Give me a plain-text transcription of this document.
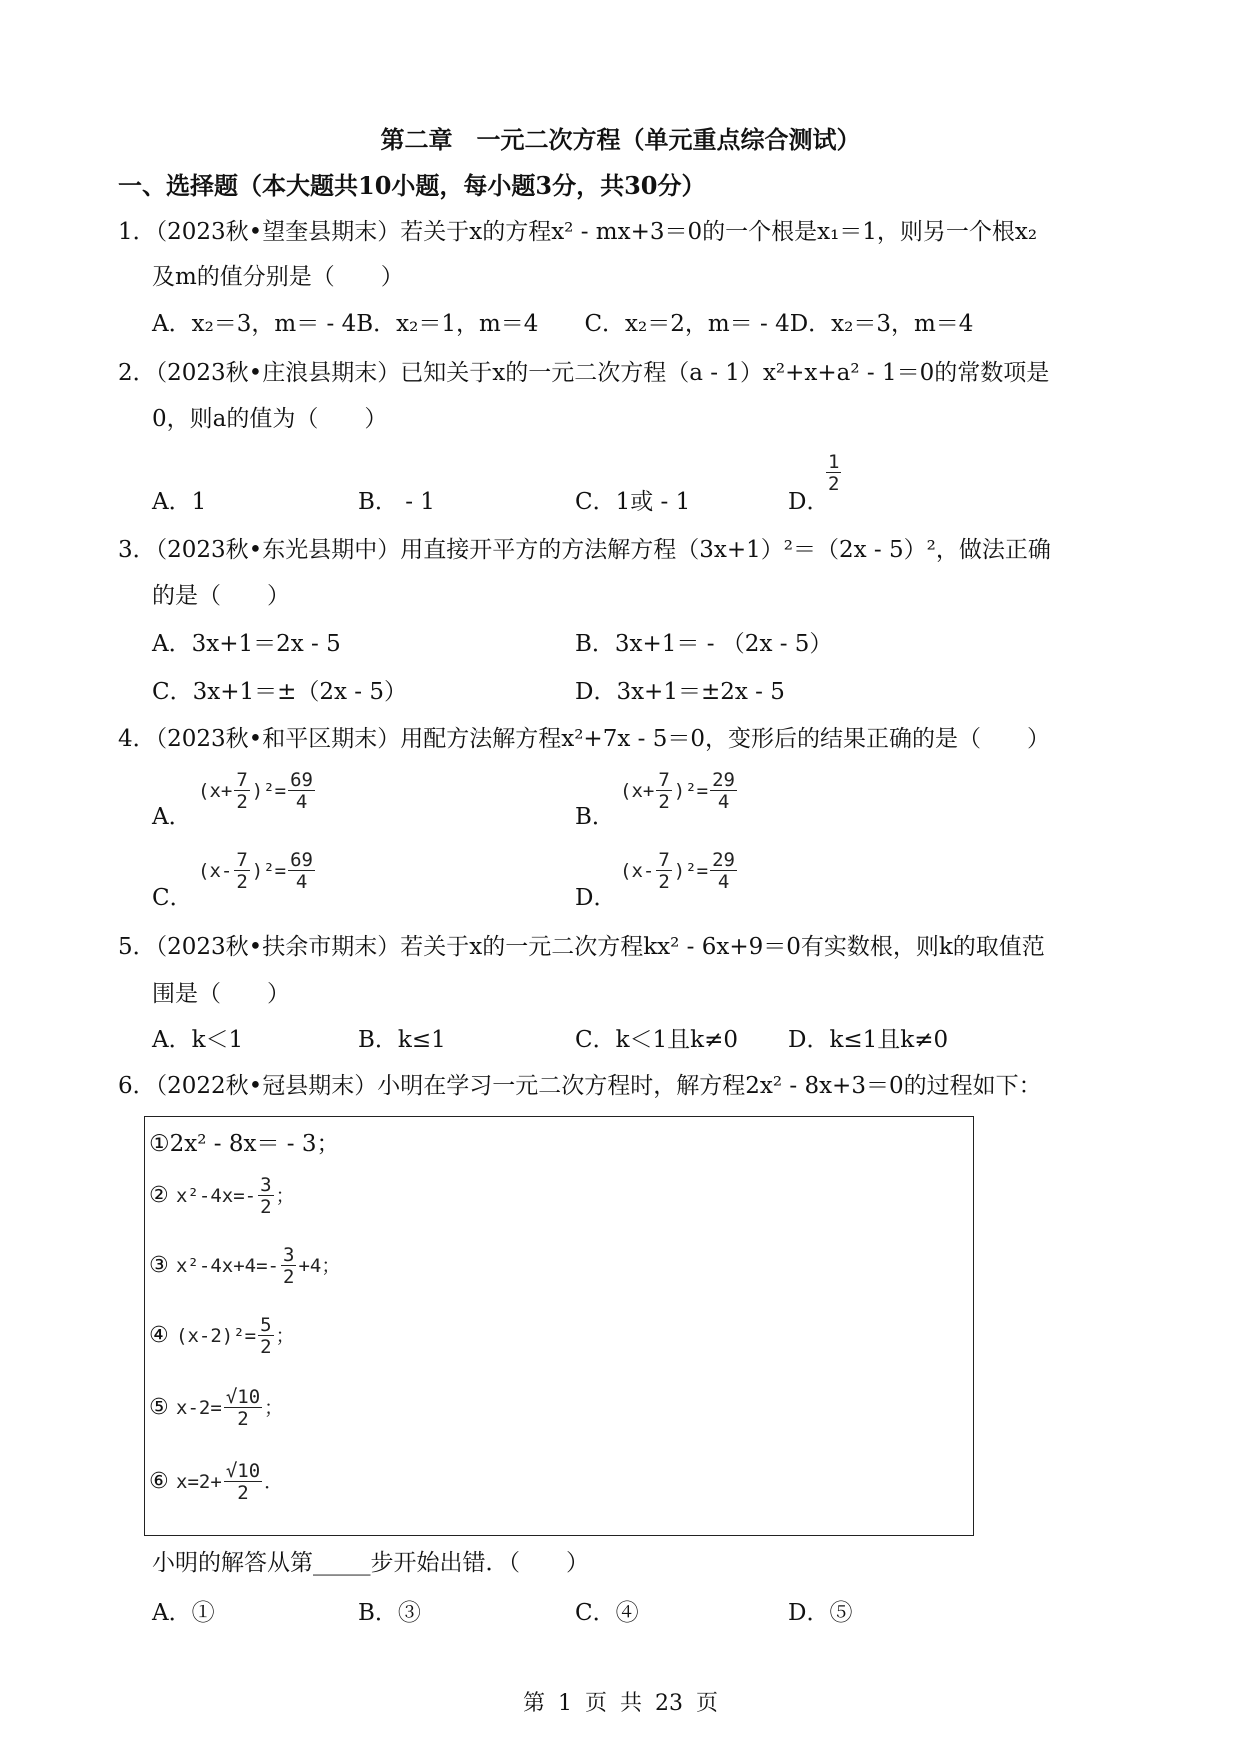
第二章　一元二次方程（单元重点综合测试）
一、选择题（本大题共10小题，每小题3分，共30分）
1．（2023秋•望奎县期末）若关于x的方程x² - mx+3＝0的一个根是x₁＝1，则另一个根x₂
及m的值分别是（　　）
A．x₂＝3，m＝ - 4B．x₂＝1，m＝4　　C．x₂＝2，m＝ - 4D．x₂＝3，m＝4
2．（2023秋•庄浪县期末）已知关于x的一元二次方程（a - 1）x²+x+a² - 1＝0的常数项是
0，则a的值为（　　）
A．1	B． - 1	C．1或 - 1	D．
$\frac{1}{2}$
3．（2023秋•东光县期中）用直接开平方的方法解方程（3x+1）²＝（2x - 5）²，做法正确
的是（　　）
A．3x+1＝2x - 5	B．3x+1＝ - （2x - 5）
C．3x+1＝±（2x - 5）	D．3x+1＝±2x - 5
4．（2023秋•和平区期末）用配方法解方程x²+7x - 5＝0，变形后的结果正确的是（　　）
A．
$(x+ \frac{7}{2} )^2= \frac{69}{4}$
B．
$(x+ \frac{7}{2} )^2= \frac{29}{4}$
C．
$(x- \frac{7}{2} )^2= \frac{69}{4}$
D．
$(x- \frac{7}{2} )^2= \frac{29}{4}$
5．（2023秋•扶余市期末）若关于x的一元二次方程kx² - 6x+9＝0有实数根，则k的取值范
围是（　　）
A．k＜1	B．k≤1	C．k＜1且k≠0 D．k≤1且k≠0
6．（2022秋•冠县期末）小明在学习一元二次方程时，解方程2x² - 8x+3＝0的过程如下：
①2x² - 8x＝ - 3；
② $x^2-4x=- \frac{3}{2}$ ；
③ $x^2-4x+4=- \frac{3}{2} +4$；
④ $(x-2)^2= \frac{5}{2}$ ；
⑤ $x-2= \frac{√10}{2}$ ；
⑥ $x=2+ \frac{√10}{2}$ ．
小明的解答从第_____步开始出错．（　　）
A．①	B．③	C．④	D．⑤
第 1 页 共 23 页
